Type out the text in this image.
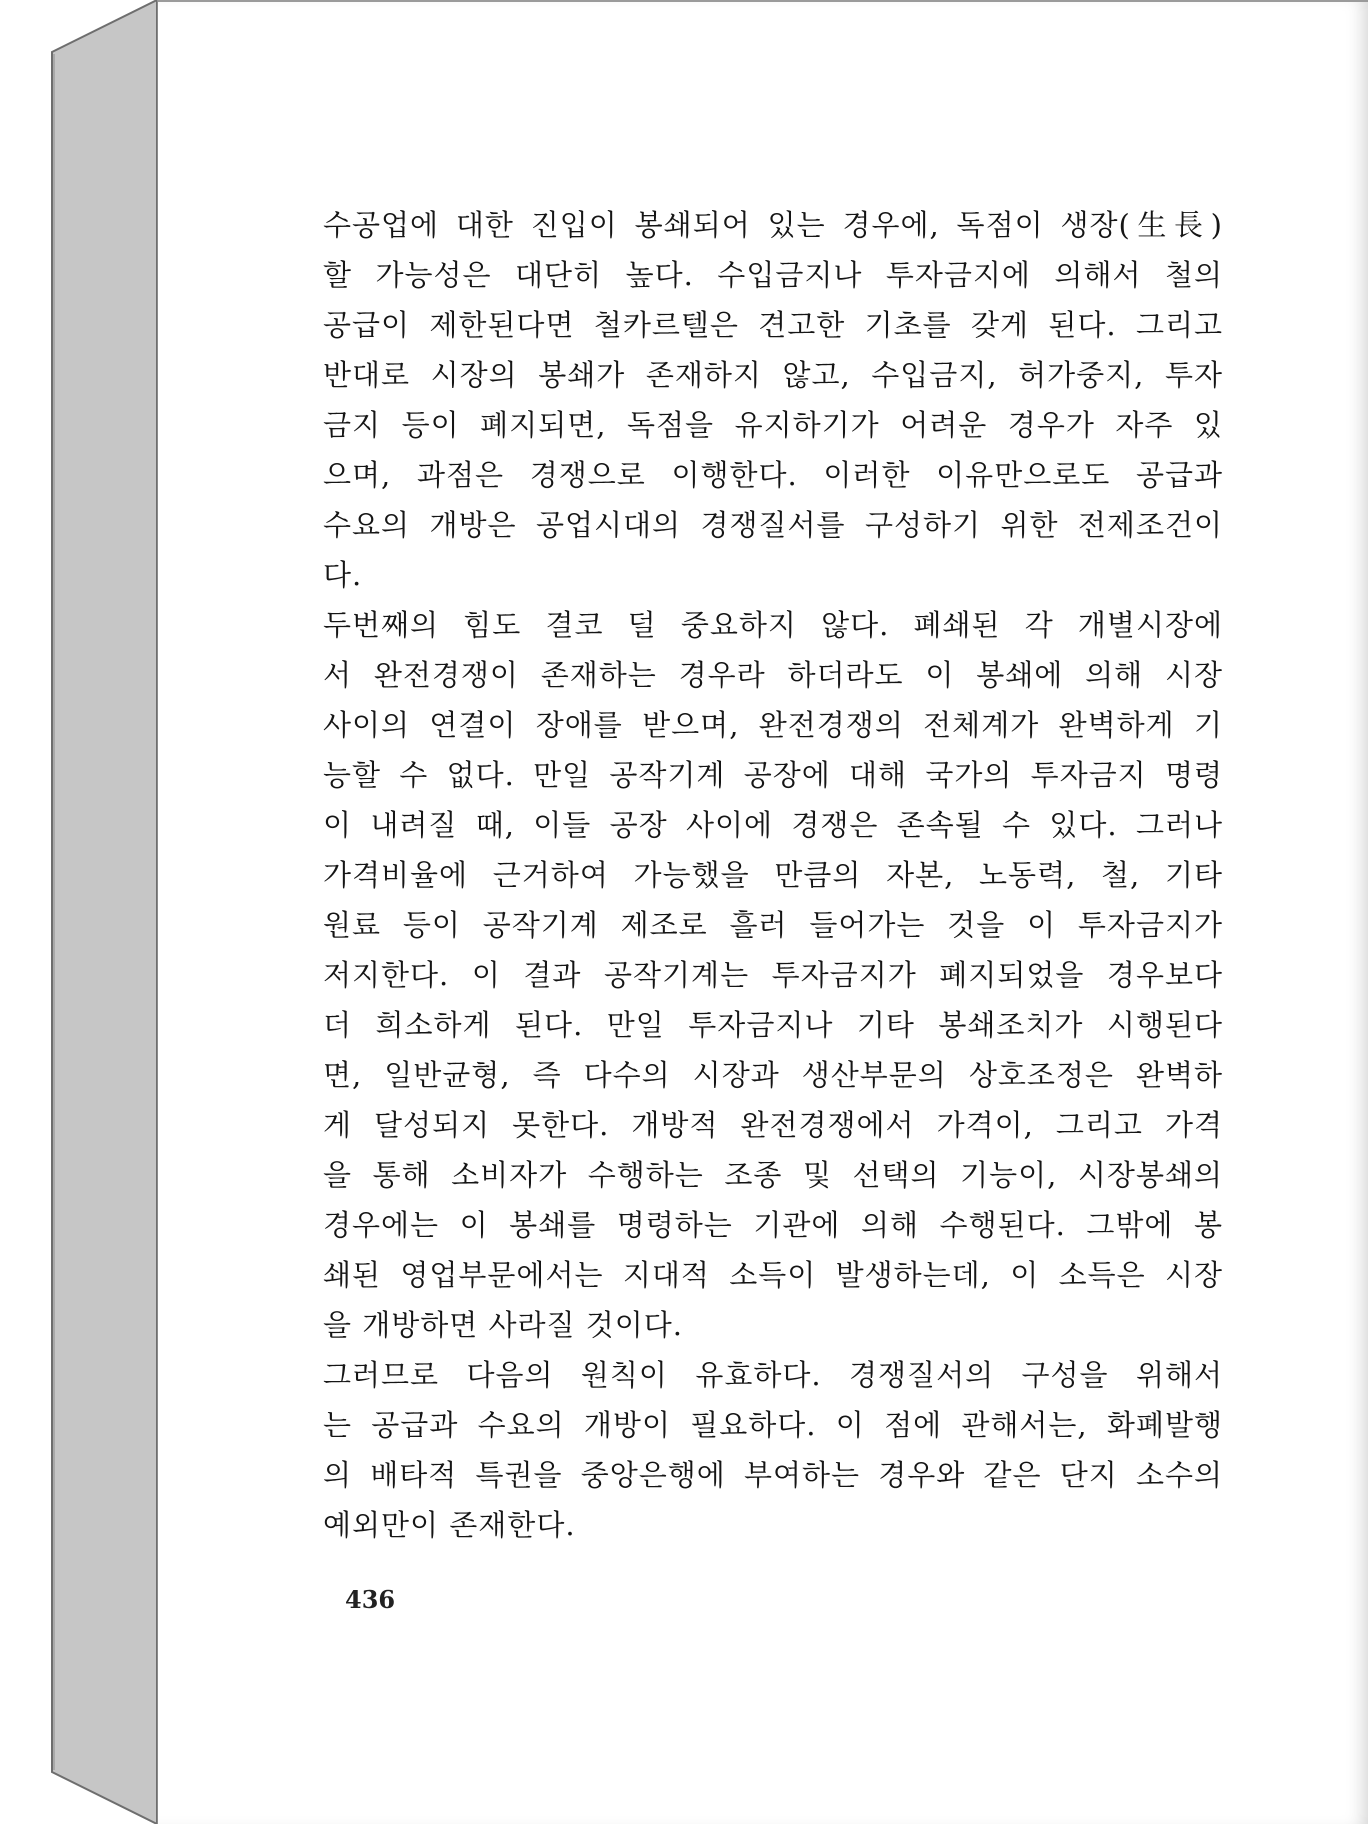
수공업에 대한 진입이 봉쇄되어 있는 경우에, 독점이 생장(生長)
할 가능성은 대단히 높다. 수입금지나 투자금지에 의해서 철의
공급이 제한된다면 철카르텔은 견고한 기초를 갖게 된다. 그리고
반대로 시장의 봉쇄가 존재하지 않고, 수입금지, 허가중지, 투자
금지 등이 폐지되면, 독점을 유지하기가 어려운 경우가 자주 있
으며, 과점은 경쟁으로 이행한다. 이러한 이유만으로도 공급과
수요의 개방은 공업시대의 경쟁질서를 구성하기 위한 전제조건이
다.
두번째의 힘도 결코 덜 중요하지 않다. 폐쇄된 각 개별시장에
서 완전경쟁이 존재하는 경우라 하더라도 이 봉쇄에 의해 시장
사이의 연결이 장애를 받으며, 완전경쟁의 전체계가 완벽하게 기
능할 수 없다. 만일 공작기계 공장에 대해 국가의 투자금지 명령
이 내려질 때, 이들 공장 사이에 경쟁은 존속될 수 있다. 그러나
가격비율에 근거하여 가능했을 만큼의 자본, 노동력, 철, 기타
원료 등이 공작기계 제조로 흘러 들어가는 것을 이 투자금지가
저지한다. 이 결과 공작기계는 투자금지가 폐지되었을 경우보다
더 희소하게 된다. 만일 투자금지나 기타 봉쇄조치가 시행된다
면, 일반균형, 즉 다수의 시장과 생산부문의 상호조정은 완벽하
게 달성되지 못한다. 개방적 완전경쟁에서 가격이, 그리고 가격
을 통해 소비자가 수행하는 조종 및 선택의 기능이, 시장봉쇄의
경우에는 이 봉쇄를 명령하는 기관에 의해 수행된다. 그밖에 봉
쇄된 영업부문에서는 지대적 소득이 발생하는데, 이 소득은 시장
을 개방하면 사라질 것이다.
그러므로 다음의 원칙이 유효하다. 경쟁질서의 구성을 위해서
는 공급과 수요의 개방이 필요하다. 이 점에 관해서는, 화폐발행
의 배타적 특권을 중앙은행에 부여하는 경우와 같은 단지 소수의
예외만이 존재한다.
436
